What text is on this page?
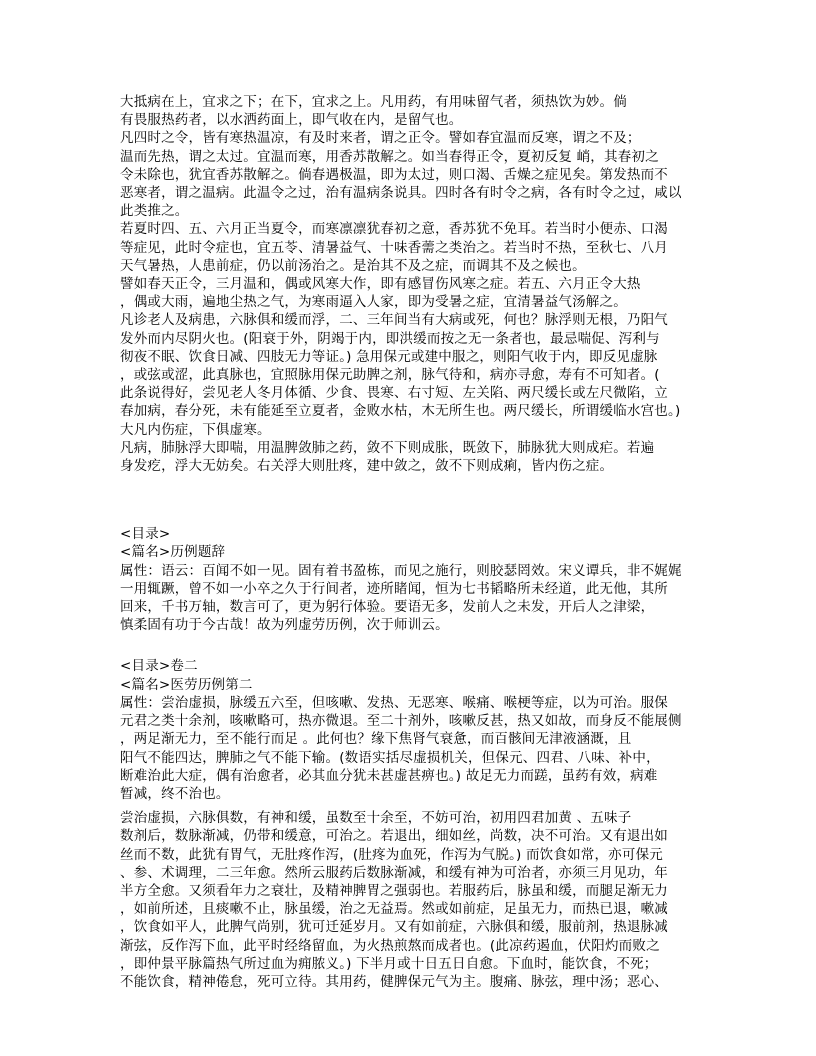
大抵病在上，宜求之下；在下，宜求之上。凡用药，有用味留气者，须热饮为妙。倘
有畏服热药者，以水洒药面上，即气收在内，是留气也。
凡四时之令，皆有寒热温凉，有及时来者，谓之正令。譬如春宜温而反寒，谓之不及；
温而先热，谓之太过。宜温而寒，用香苏散解之。如当春得正令，夏初反复 峭，其春初之
令未除也，犹宜香苏散解之。倘春遇极温，即为太过，则口渴、舌燥之症见矣。第发热而不
恶寒者，谓之温病。此温令之过，治有温病条说具。四时各有时令之病，各有时令之过，咸以
此类推之。
若夏时四、五、六月正当夏令，而寒凛凛犹春初之意，香苏犹不免耳。若当时小便赤、口渴
等症见，此时令症也，宜五苓、清暑益气、十味香薷之类治之。若当时不热，至秋七、八月
天气暑热，人患前症，仍以前汤治之。是治其不及之症，而调其不及之候也。
譬如春天正令，三月温和，偶或风寒大作，即有感冒伤风寒之症。若五、六月正令大热
，偶或大雨，遍地尘热之气，为寒雨逼入人家，即为受暑之症，宜清暑益气汤解之。
凡诊老人及病患，六脉俱和缓而浮，二、三年间当有大病或死，何也？脉浮则无根，乃阳气
发外而内尽阴火也。(阳衰于外，阴竭于内，即洪缓而按之无一条者也，最忌喘促、泻利与
彻夜不眠、饮食日减、四肢无力等证。) 急用保元或建中服之，则阳气收于内，即反见虚脉
，或弦或涩，此真脉也，宜照脉用保元助脾之剂，脉气待和，病亦寻愈，寿有不可知者。(
此条说得好，尝见老人冬月体循、少食、畏寒、右寸短、左关陷、两尺缓长或左尺微陷，立
春加病，春分死，未有能延至立夏者，金败水枯，木无所生也。两尺缓长，所谓缓临水宫也。)
大凡内伤症，下俱虚寒。
凡病，肺脉浮大即喘，用温脾敛肺之药，敛不下则成胀，既敛下，肺脉犹大则成疟。若遍
身发疙，浮大无妨矣。右关浮大则肚疼，建中敛之，敛不下则成痢，皆内伤之症。
<目录>
<篇名>历例题辞
属性：语云：百闻不如一见。固有着书盈栋，而见之施行，则胶瑟罔效。宋义谭兵，非不娓娓
一用辄蹶，曾不如一小卒之久于行间者，迹所睹闻，恒为七书韬略所未经道，此无他，其所
回来，千书万轴，数言可了，更为躬行体验。要语无多，发前人之未发，开后人之津梁，
慎柔固有功于今古哉！故为列虚劳历例，次于师训云。
<目录>卷二
<篇名>医劳历例第二
属性：尝治虚损，脉缓五六至，但咳嗽、发热、无恶寒、喉痛、喉梗等症，以为可治。服保
元君之类十余剂，咳嗽略可，热亦微退。至二十剂外，咳嗽反甚，热又如故，而身反不能展侧
，两足渐无力，至不能行而足 。此何也？缘下焦肾气衰惫，而百骸间无津液涵溉，且
阳气不能四达，脾肺之气不能下输。(数语实括尽虚损机关，但保元、四君、八味、补中，
断难治此大症，偶有治愈者，必其血分犹未甚虚甚痹也。) 故足无力而蹉，虽药有效，病难
暂减，终不治也。
尝治虚损，六脉俱数，有神和缓，虽数至十余至，不妨可治，初用四君加黄 、五味子
数剂后，数脉渐减，仍带和缓意，可治之。若退出，细如丝，尚数，决不可治。又有退出如
丝而不数，此犹有胃气，无肚疼作泻，(肚疼为血死，作泻为气脱。) 而饮食如常，亦可保元
、参、术调理，二三年愈。然所云服药后数脉渐减，和缓有神为可治者，亦须三月见功，年
半方全愈。又须看年力之衰壮，及精神脾胃之强弱也。若服药后，脉虽和缓，而腿足渐无力
，如前所述，且痰嗽不止，脉虽缓，治之无益焉。然或如前症，足虽无力，而热已退，嗽减
，饮食如平人，此脾气尚别，犹可迁延岁月。又有如前症，六脉俱和缓，服前剂，热退脉减
渐弦，反作泻下血，此平时经络留血，为火热煎熬而成者也。(此凉药遏血，伏阳灼而败之
，即仲景平脉篇热气所过血为痈脓义。) 下半月或十日五日自愈。下血时，能饮食，不死；
不能饮食，精神倦怠，死可立待。其用药，健脾保元气为主。腹痛、脉弦，理中汤；恶心、
